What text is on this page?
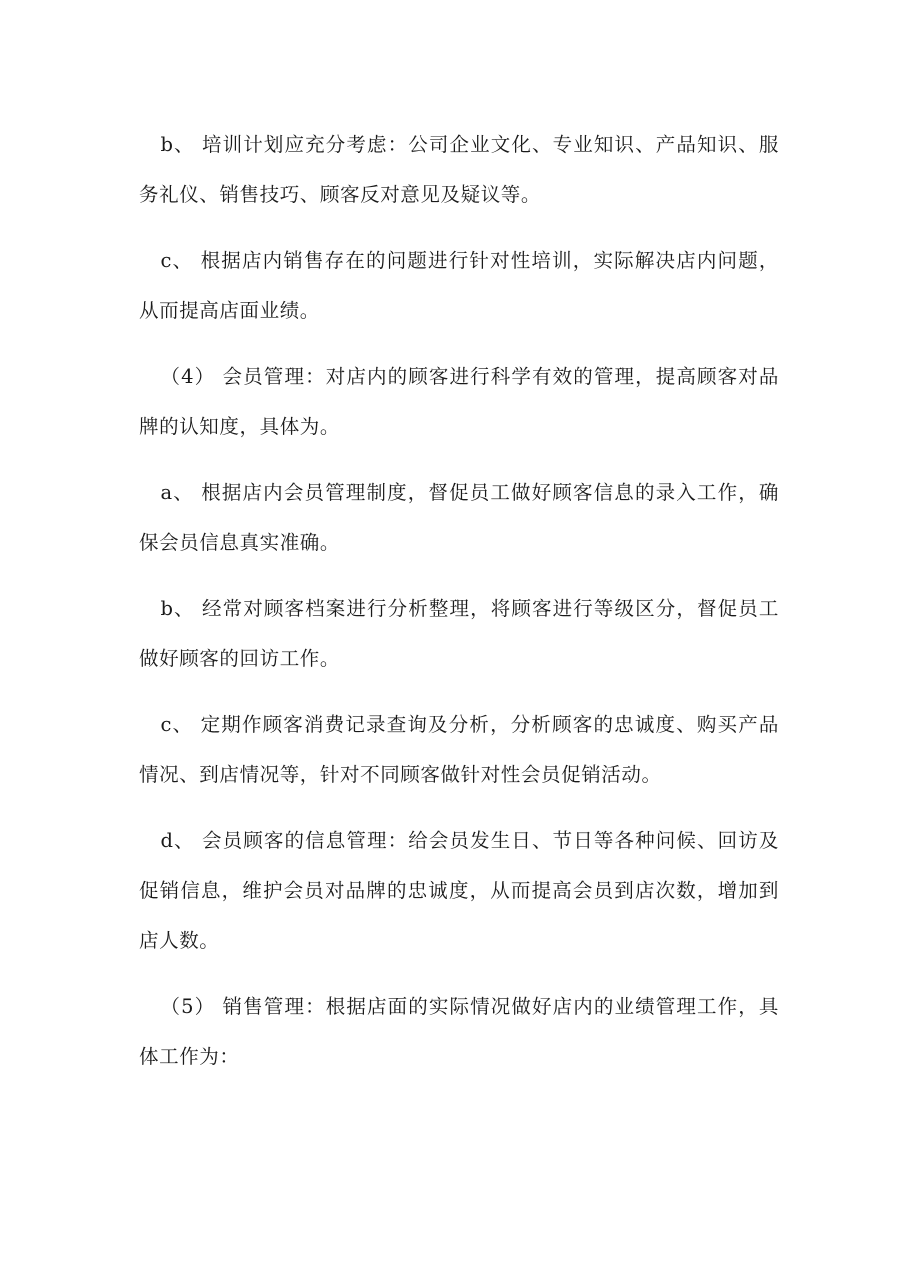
b、 培训计划应充分考虑：公司企业文化、专业知识、产品知识、服务礼仪、销售技巧、顾客反对意见及疑议等。

c、 根据店内销售存在的问题进行针对性培训，实际解决店内问题，从而提高店面业绩。

（4） 会员管理：对店内的顾客进行科学有效的管理，提高顾客对品牌的认知度，具体为。

a、 根据店内会员管理制度，督促员工做好顾客信息的录入工作，确保会员信息真实准确。

b、 经常对顾客档案进行分析整理，将顾客进行等级区分，督促员工做好顾客的回访工作。

c、 定期作顾客消费记录查询及分析，分析顾客的忠诚度、购买产品情况、到店情况等，针对不同顾客做针对性会员促销活动。

d、 会员顾客的信息管理：给会员发生日、节日等各种问候、回访及促销信息，维护会员对品牌的忠诚度，从而提高会员到店次数，增加到店人数。

（5） 销售管理：根据店面的实际情况做好店内的业绩管理工作，具体工作为：
